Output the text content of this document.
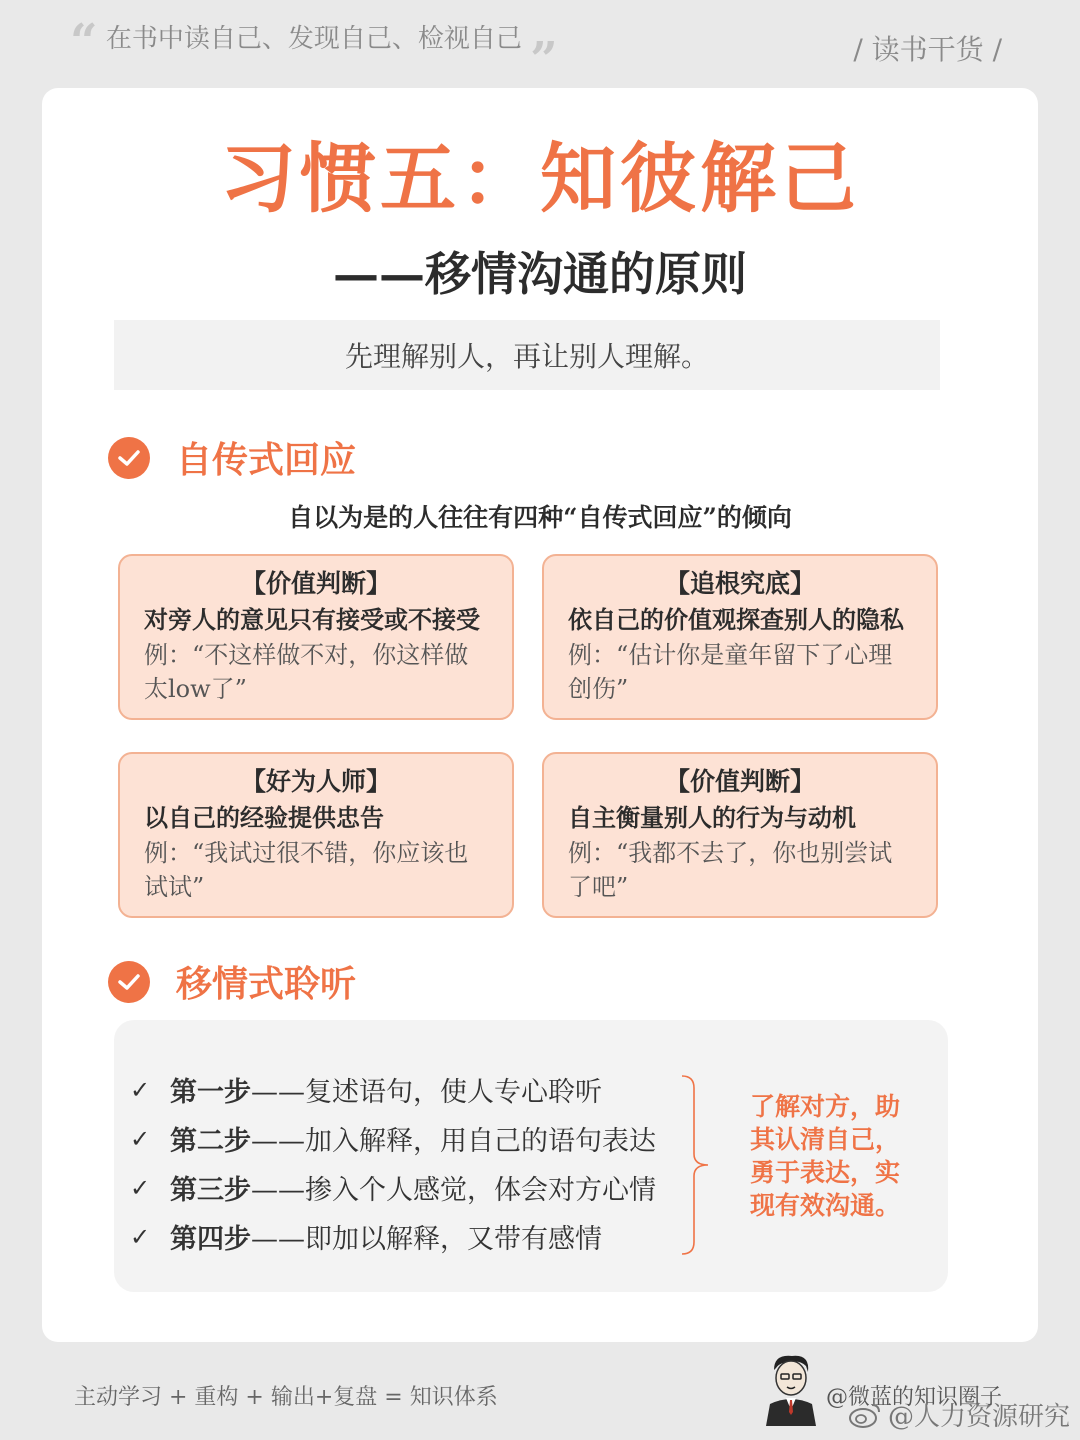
“ 在书中读自己、发现自己、检视自己 ”	/ 读书干货 /
习惯五：知彼解己
——移情沟通的原则
先理解别人，再让别人理解。
自传式回应
自以为是的人往往有四种“自传式回应”的倾向
【价值判断】
对旁人的意见只有接受或不接受
例：“不这样做不对，你这样做
太low了”
【追根究底】
依自己的价值观探查别人的隐私
例：“估计你是童年留下了心理
创伤”
【好为人师】
以自己的经验提供忠告
例：“我试过很不错，你应该也
试试”
【价值判断】
自主衡量别人的行为与动机
例：“我都不去了，你也别尝试
了吧”
移情式聆听
✓ 第一步 ——复述语句，使人专心聆听
✓ 第二步 ——加入解释，用自己的语句表达
✓ 第三步 ——掺入个人感觉，体会对方心情
✓ 第四步 ——即加以解释，又带有感情
了解对方，助
其认清自己，
勇于表达，实
现有效沟通。
主动学习 + 重构 + 输出+复盘 = 知识体系	@微蓝的知识圈子
@人力资源研究
